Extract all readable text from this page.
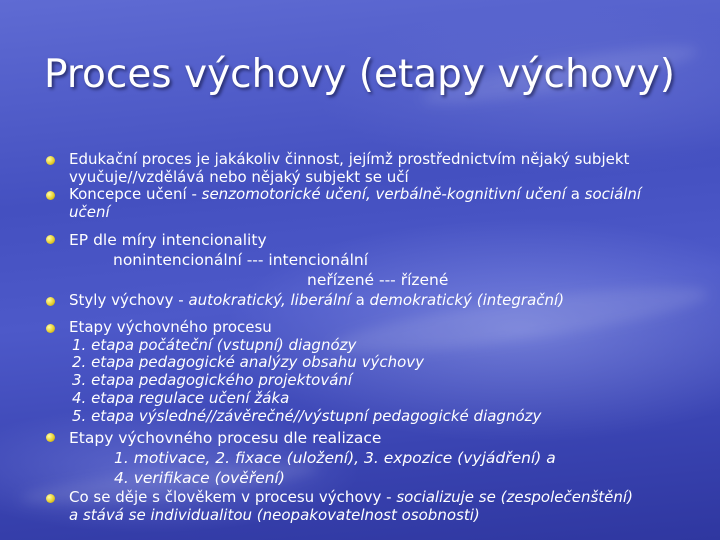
Proces výchovy (etapy výchovy)
Edukační proces je jakákoliv činnost, jejímž prostřednictvím nějaký subjekt
vyučuje//vzdělává nebo nějaký subjekt se učí
Koncepce učení - senzomotorické učení, verbálně-kognitivní učení a sociální
učení
EP dle míry intencionality
nonintencionální --- intencionální
neřízené --- řízené
Styly výchovy - autokratický, liberální a demokratický (integrační)
Etapy výchovného procesu
1. etapa počáteční (vstupní) diagnózy
2. etapa pedagogické analýzy obsahu výchovy
3. etapa pedagogického projektování
4. etapa regulace učení žáka
5. etapa výsledné//závěrečné//výstupní pedagogické diagnózy
Etapy výchovného procesu dle realizace
1. motivace, 2. fixace (uložení), 3. expozice (vyjádření) a
4. verifikace (ověření)
Co se děje s člověkem v procesu výchovy - socializuje se (zespolečenštění)
a stává se individualitou (neopakovatelnost osobnosti)
